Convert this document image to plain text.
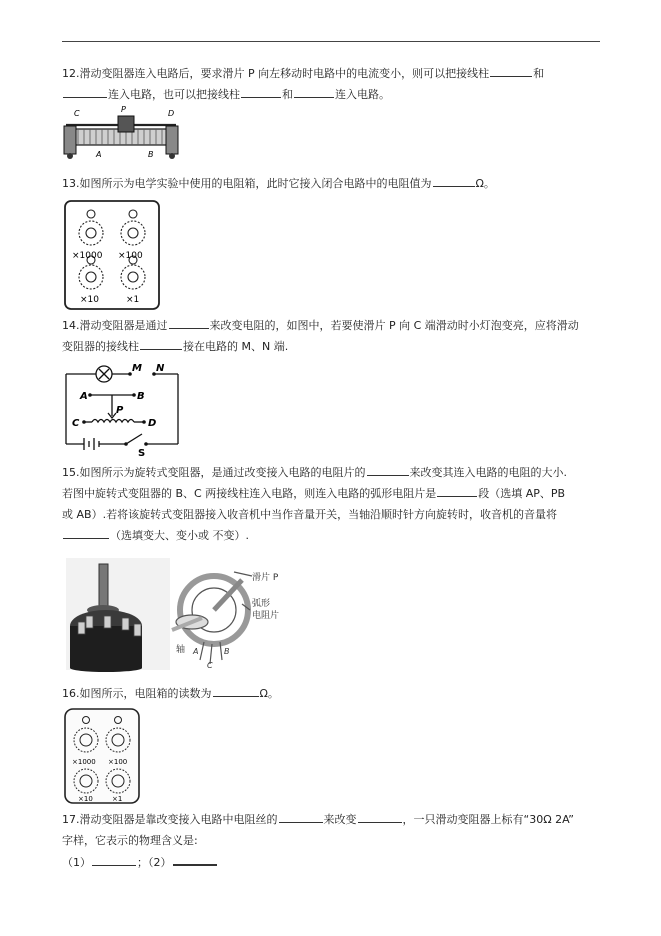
12.滑动变阻器连入电路后，要求滑片 P 向左移动时电路中的电流变小，则可以把接线柱	和
连入电路，也可以把接线柱	和	连入电路。
C	P	D
A	B
13.如图所示为电学实验中使用的电阻箱，此时它接入闭合电路中的电阻值为	Ω。
×1000 ×100
×10	×1
14.滑动变阻器是通过	来改变电阻的，如图中，若要使滑片 P 向 C 端滑动时小灯泡变亮，应将滑动
变阻器的接线柱	接在电路的 M、N 端.
M N
A	B
P
C	D
S
15.如图所示为旋转式变阻器，是通过改变接入电路的电阻片的	来改变其连入电路的电阻的大小.
若图中旋转式变阻器的 B、C 两接线柱连入电路，则连入电路的弧形电阻片是	段（选填 AP、PB
或 AB）.若将该旋转式变阻器接入收音机中当作音量开关，当轴沿顺时针方向旋转时，收音机的音量将
（选填变大、变小或 不变）.
滑片 P
弧形
电阻片
轴 A
C
B
16.如图所示，电阻箱的读数为	Ω。
×1000 ×100
×10	×1
17.滑动变阻器是靠改变接入电路中电阻丝的	来改变	，一只滑动变阻器上标有“30Ω 2A”
字样，它表示的物理含义是:
（1）	；（2）
